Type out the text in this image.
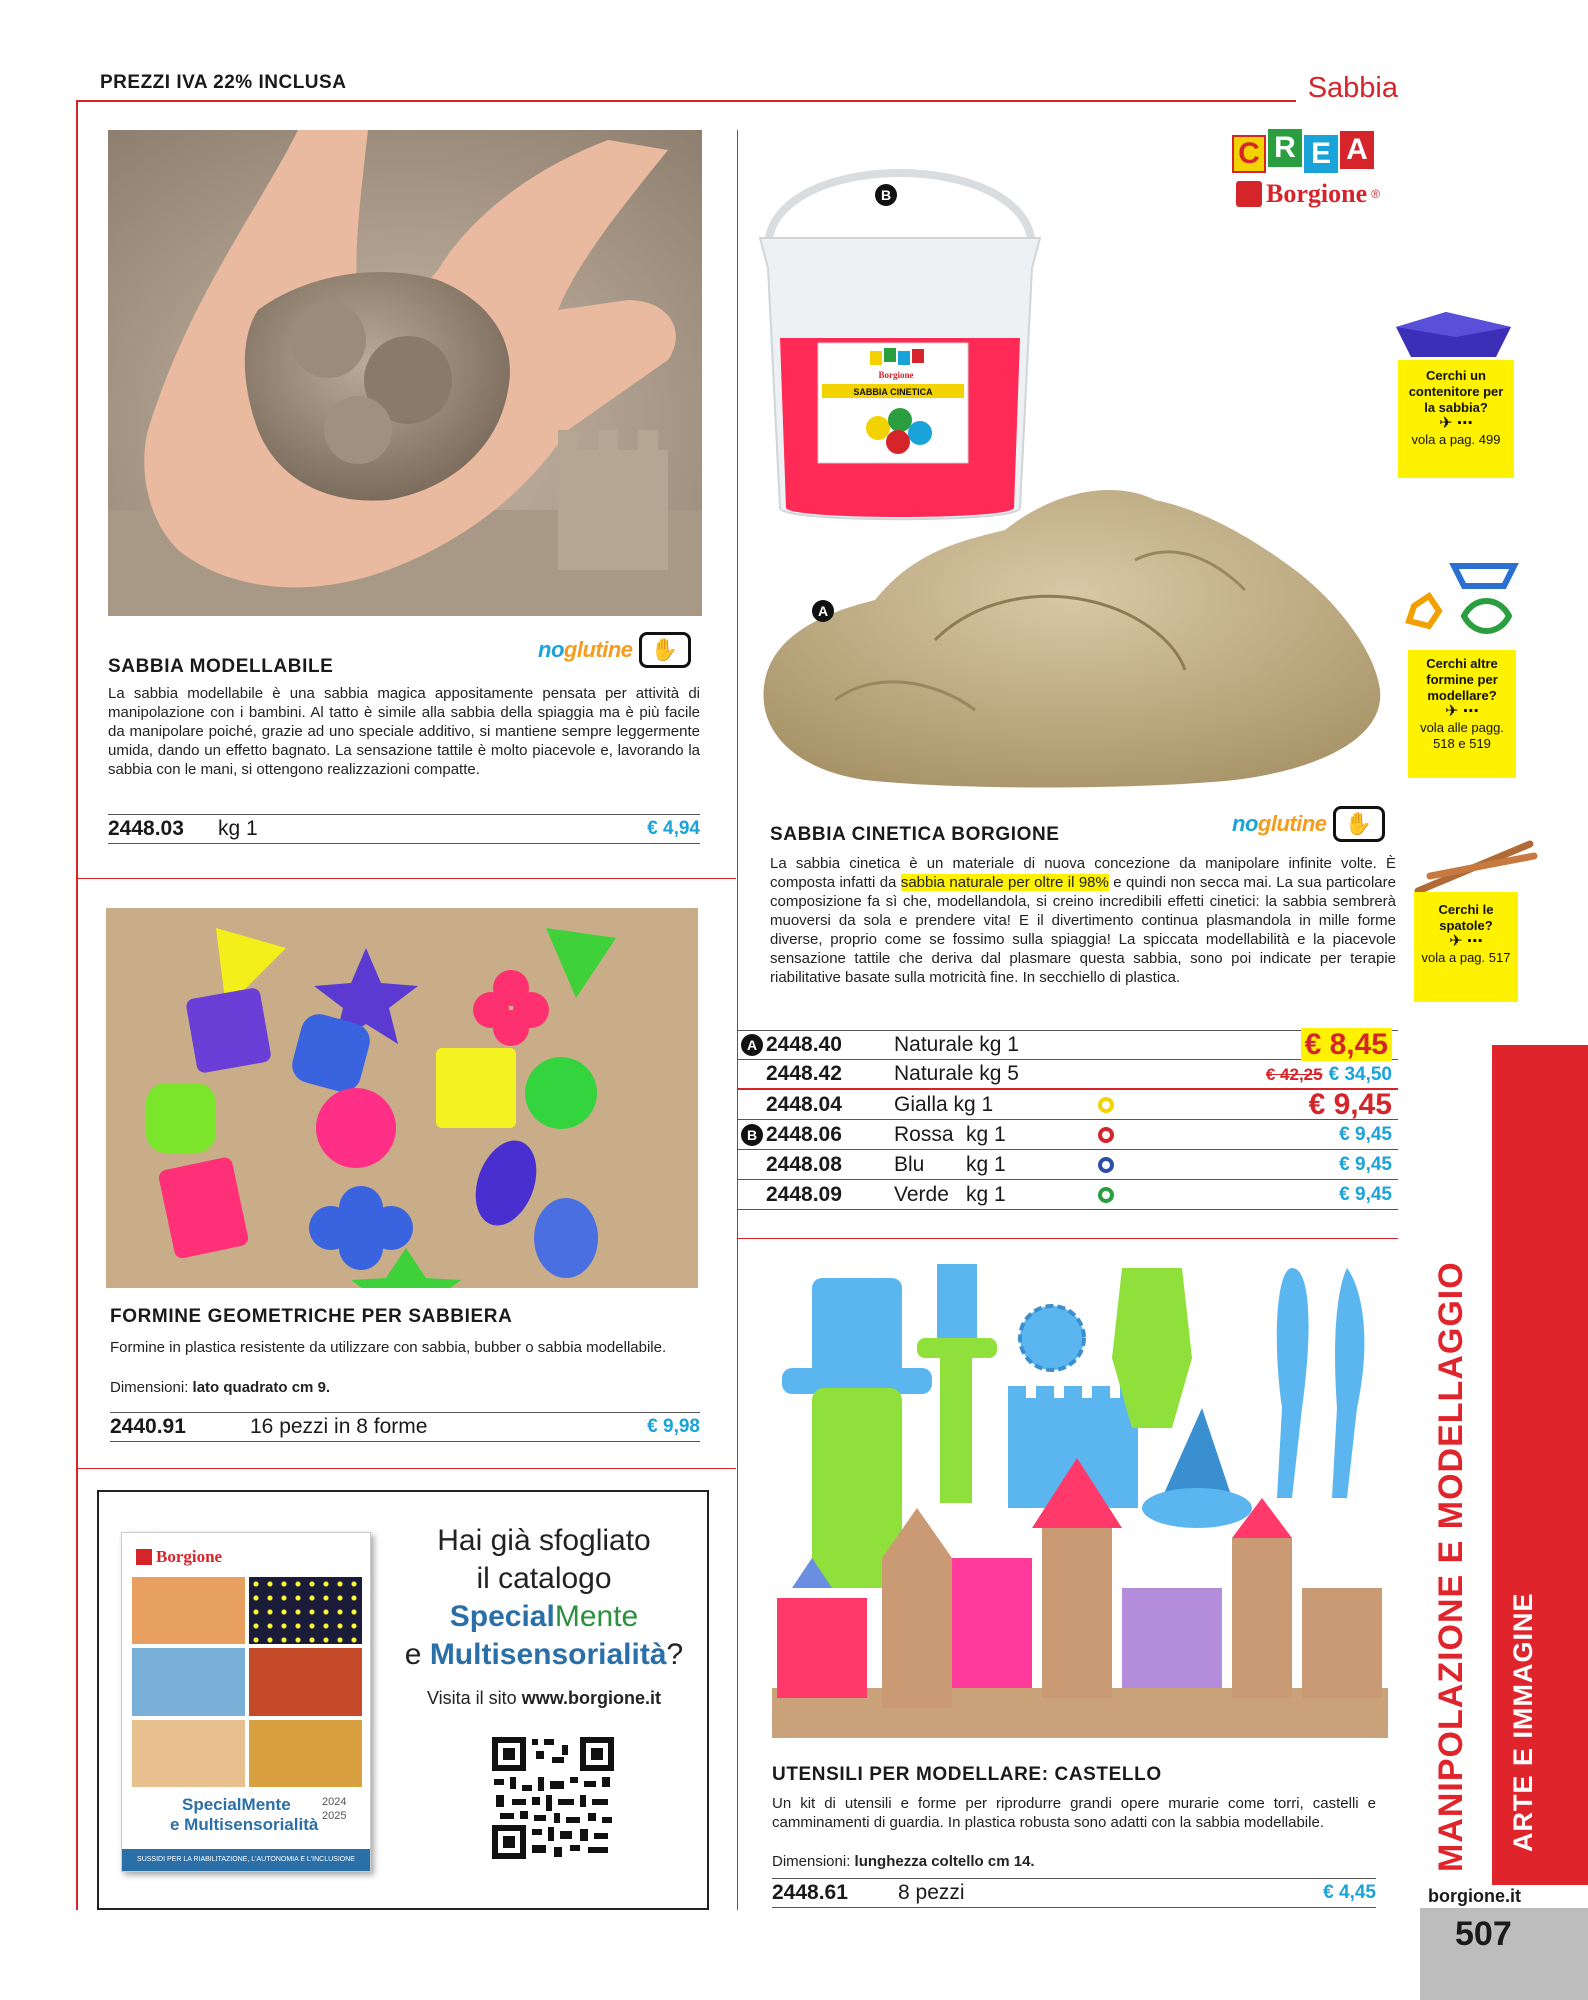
PREZZI IVA 22% INCLUSA	Sabbia
C R E A
Borgione ®
SABBIA MODELLABILE
noglutine ✋
La sabbia modellabile è una sabbia magica appositamente pensata per attività di manipolazione con i bambini. Al tatto è simile alla sabbia della spiaggia ma è più facile da manipolare poiché, grazie ad uno speciale additivo, si mantiene sempre leggermente umida, dando un effetto bagnato. La sensazione tattile è molto piacevole e, lavorando la sabbia con le mani, si ottengono realizzazioni compatte.
2448.03	kg 1	€ 4,94
FORMINE GEOMETRICHE PER SABBIERA
Formine in plastica resistente da utilizzare con sabbia, bubber o sabbia modellabile.
Dimensioni: lato quadrato cm 9.
2440.91	16 pezzi in 8 forme	€ 9,98
Borgione
SpecialMente
e Multisensorialità
2024 2025
SUSSIDI PER LA RIABILITAZIONE, L'AUTONOMIA E L'INCLUSIONE
Hai già sfogliato
il catalogo
SpecialMente
e Multisensorialità?
Visita il sito www.borgione.it
Borgione
SABBIA CINETICA
B
A
SABBIA CINETICA BORGIONE	noglutine ✋
La sabbia cinetica è un materiale di nuova concezione da manipolare infinite volte. È composta infatti da sabbia naturale per oltre il 98% e quindi non secca mai. La sua particolare composizione fa sì che, modellandola, si creino incredibili effetti cinetici: la sabbia sembrerà muoversi da sola e prendere vita! E il divertimento continua plasmandola in mille forme diverse, proprio come se fossimo sulla spiaggia! La spiccata modellabilità e la piacevole sensazione tattile che deriva dal plasmare questa sabbia, sono poi indicate per terapie riabilitative basate sulla motricità fine. In secchiello di plastica.
A 2448.40	Naturale kg 1	€ 8,45
2448.42	Naturale kg 5	€ 42,25 € 34,50
2448.04	Gialla kg 1	€ 9,45
B 2448.06	Rossa kg 1	€ 9,45
2448.08	Blu	kg 1	€ 9,45
2448.09	Verde kg 1	€ 9,45
UTENSILI PER MODELLARE: CASTELLO
Un kit di utensili e forme per riprodurre grandi opere murarie come torri, castelli e camminamenti di guardia. In plastica robusta sono adatti con la sabbia modellabile.
Dimensioni: lunghezza coltello cm 14.
2448.61	8 pezzi	€ 4,45
Cerchi un contenitore per la sabbia?
✈ ⋯
vola a pag. 499
Cerchi altre formine per modellare?
✈ ⋯
vola alle pagg. 518 e 519
Cerchi le spatole?
✈ ⋯
vola a pag. 517
MANIPOLAZIONE E MODELLAGGIO ARTE E IMMAGINE
borgione.it
507
